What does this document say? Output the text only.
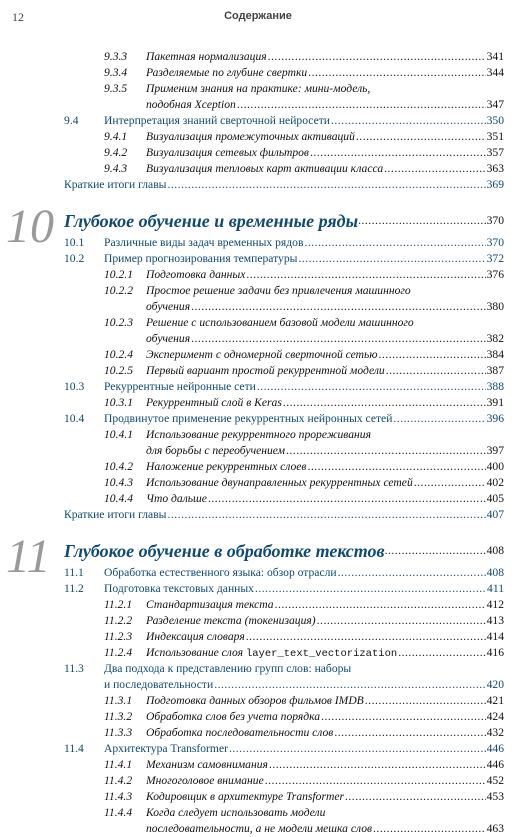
12	Содержание
9.3.3 Пакетная нормализация .....	341
9.3.4 Разделяемые по глубине свертки .....	344
9.3.5 Применим знания на практике: мини-модель,
подобная Xception .....	347
9.4 Интерпретация знаний сверточной нейросети .....	350
9.4.1 Визуализация промежуточных активаций .....	351
9.4.2 Визуализация сетевых фильтров .....	357
9.4.3 Визуализация тепловых карт активации класса .....	363
Краткие итоги главы .....	369
10 Глубокое обучение и временные ряды .....	370
10.1 Различные виды задач временных рядов .....	370
10.2 Пример прогнозирования температуры .....	372
10.2.1 Подготовка данных .....	376
10.2.2 Простое решение задачи без привлечения машинного
обучения .....	380
10.2.3 Решение с использованием базовой модели машинного
обучения .....	382
10.2.4 Эксперимент с одномерной сверточной сетью .....	384
10.2.5 Первый вариант простой рекуррентной модели .....	387
10.3 Рекуррентные нейронные сети .....	388
10.3.1 Рекуррентный слой в Keras .....	391
10.4 Продвинутое применение рекуррентных нейронных сетей .....	396
10.4.1 Использование рекуррентного прореживания
для борьбы с переобучением .....	397
10.4.2 Наложение рекуррентных слоев .....	400
10.4.3 Использование двунаправленных рекуррентных сетей .....	402
10.4.4 Что дальше .....	405
Краткие итоги главы .....	407
11 Глубокое обучение в обработке текстов .....	408
11.1 Обработка естественного языка: обзор отрасли .....	408
11.2 Подготовка текстовых данных .....	411
11.2.1 Стандартизация текста .....	412
11.2.2 Разделение текста (токенизация) .....	413
11.2.3 Индексация словаря .....	414
11.2.4 Использование слоя layer_text_vectorization .....	416
11.3 Два подхода к представлению групп слов: наборы
и последовательности .....	420
11.3.1 Подготовка данных обзоров фильмов IMDB .....	421
11.3.2 Обработка слов без учета порядка .....	424
11.3.3 Обработка последовательности слов .....	432
11.4 Архитектура Transformer .....	446
11.4.1 Механизм самовнимания .....	446
11.4.2 Многоголовое внимание .....	452
11.4.3 Кодировщик в архитектуре Transformer .....	453
11.4.4 Когда следует использовать модели
последовательности, а не модели мешка слов .....	463
